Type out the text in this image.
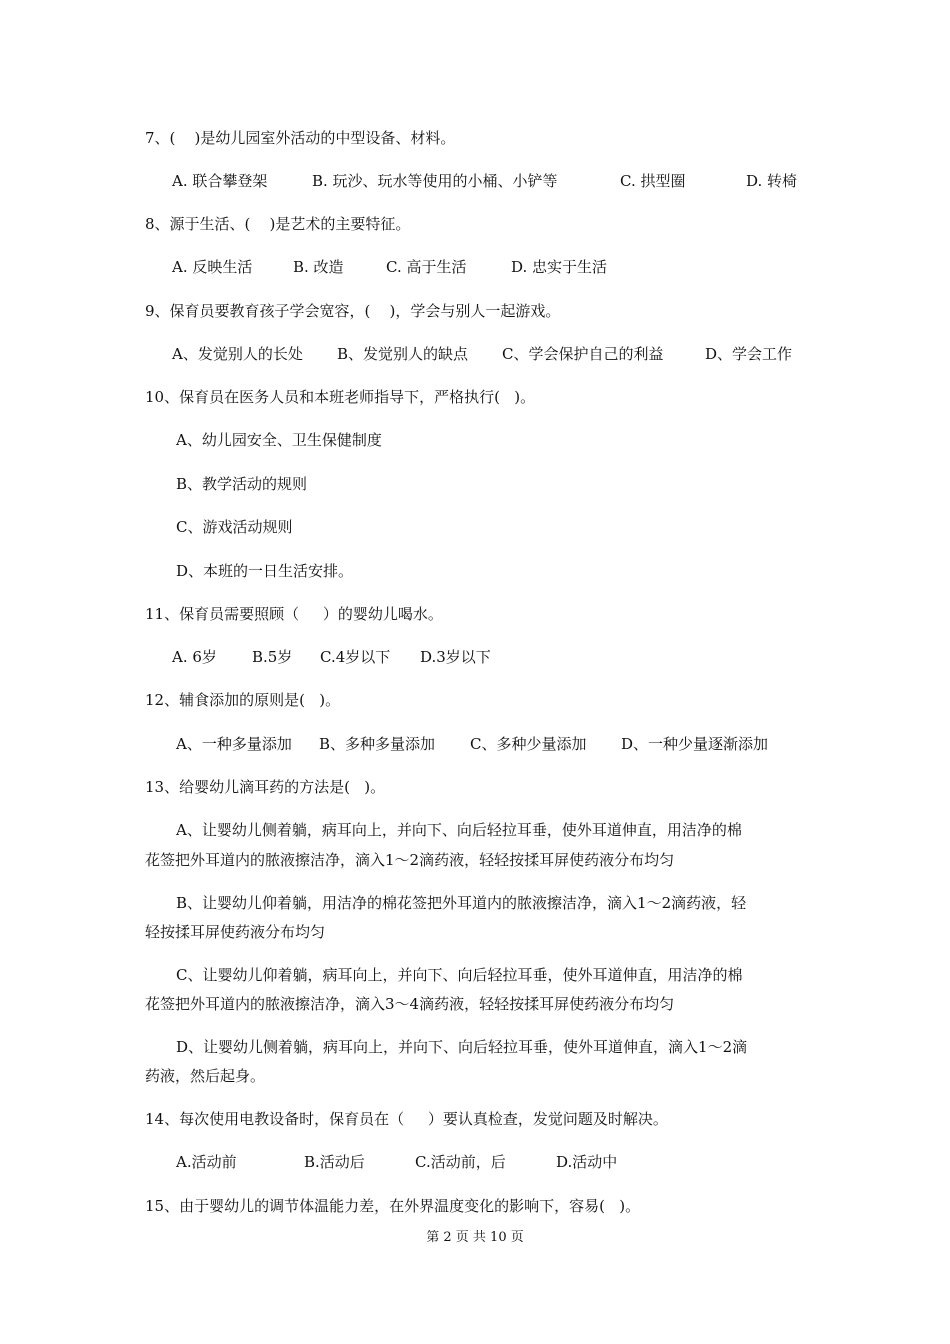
7、(    )是幼儿园室外活动的中型设备、材料。
A. 联合攀登架	B. 玩沙、玩水等使用的小桶、小铲等	C. 拱型圈	D. 转椅
8、源于生活、(    )是艺术的主要特征。
A. 反映生活	B. 改造	C. 高于生活	D. 忠实于生活
9、保育员要教育孩子学会宽容，(    )，学会与别人一起游戏。
A、发觉别人的长处 B、发觉别人的缺点 C、学会保护自己的利益	D、学会工作
10、保育员在医务人员和本班老师指导下，严格执行(   )。
A、幼儿园安全、卫生保健制度
B、教学活动的规则
C、游戏活动规则
D、本班的一日生活安排。
11、保育员需要照顾（     ）的婴幼儿喝水。
A. 6岁 B.5岁 C.4岁以下 D.3岁以下
12、辅食添加的原则是(   )。
A、一种多量添加 B、多种多量添加 C、多种少量添加 D、一种少量逐渐添加
13、给婴幼儿滴耳药的方法是(   )。
A、让婴幼儿侧着躺，病耳向上，并向下、向后轻拉耳垂，使外耳道伸直，用洁净的棉
花签把外耳道内的脓液擦洁净，滴入1～2滴药液，轻轻按揉耳屏使药液分布均匀
B、让婴幼儿仰着躺，用洁净的棉花签把外耳道内的脓液擦洁净，滴入1～2滴药液，轻
轻按揉耳屏使药液分布均匀
C、让婴幼儿仰着躺，病耳向上，并向下、向后轻拉耳垂，使外耳道伸直，用洁净的棉
花签把外耳道内的脓液擦洁净，滴入3～4滴药液，轻轻按揉耳屏使药液分布均匀
D、让婴幼儿侧着躺，病耳向上，并向下、向后轻拉耳垂，使外耳道伸直，滴入1～2滴
药液，然后起身。
14、每次使用电教设备时，保育员在（     ）要认真检查，发觉问题及时解决。
A.活动前	B.活动后	C.活动前，后	D.活动中
15、由于婴幼儿的调节体温能力差，在外界温度变化的影响下，容易(   )。
第 2 页 共 10 页
